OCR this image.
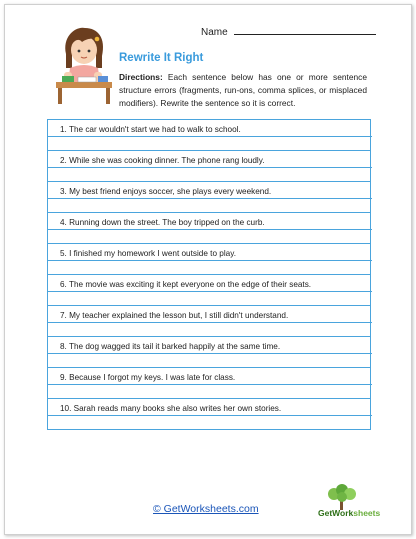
Name
Rewrite It Right
Directions: Each sentence below has one or more sentence structure errors (fragments, run-ons, comma splices, or misplaced modifiers). Rewrite the sentence so it is correct.
1. The car wouldn't start we had to walk to school.
2. While she was cooking dinner. The phone rang loudly.
3. My best friend enjoys soccer, she plays every weekend.
4. Running down the street. The boy tripped on the curb.
5. I finished my homework I went outside to play.
6. The movie was exciting it kept everyone on the edge of their seats.
7. My teacher explained the lesson but, I still didn't understand.
8. The dog wagged its tail it barked happily at the same time.
9. Because I forgot my keys. I was late for class.
10. Sarah reads many books she also writes her own stories.
© GetWorksheets.com	GetWorksheets
